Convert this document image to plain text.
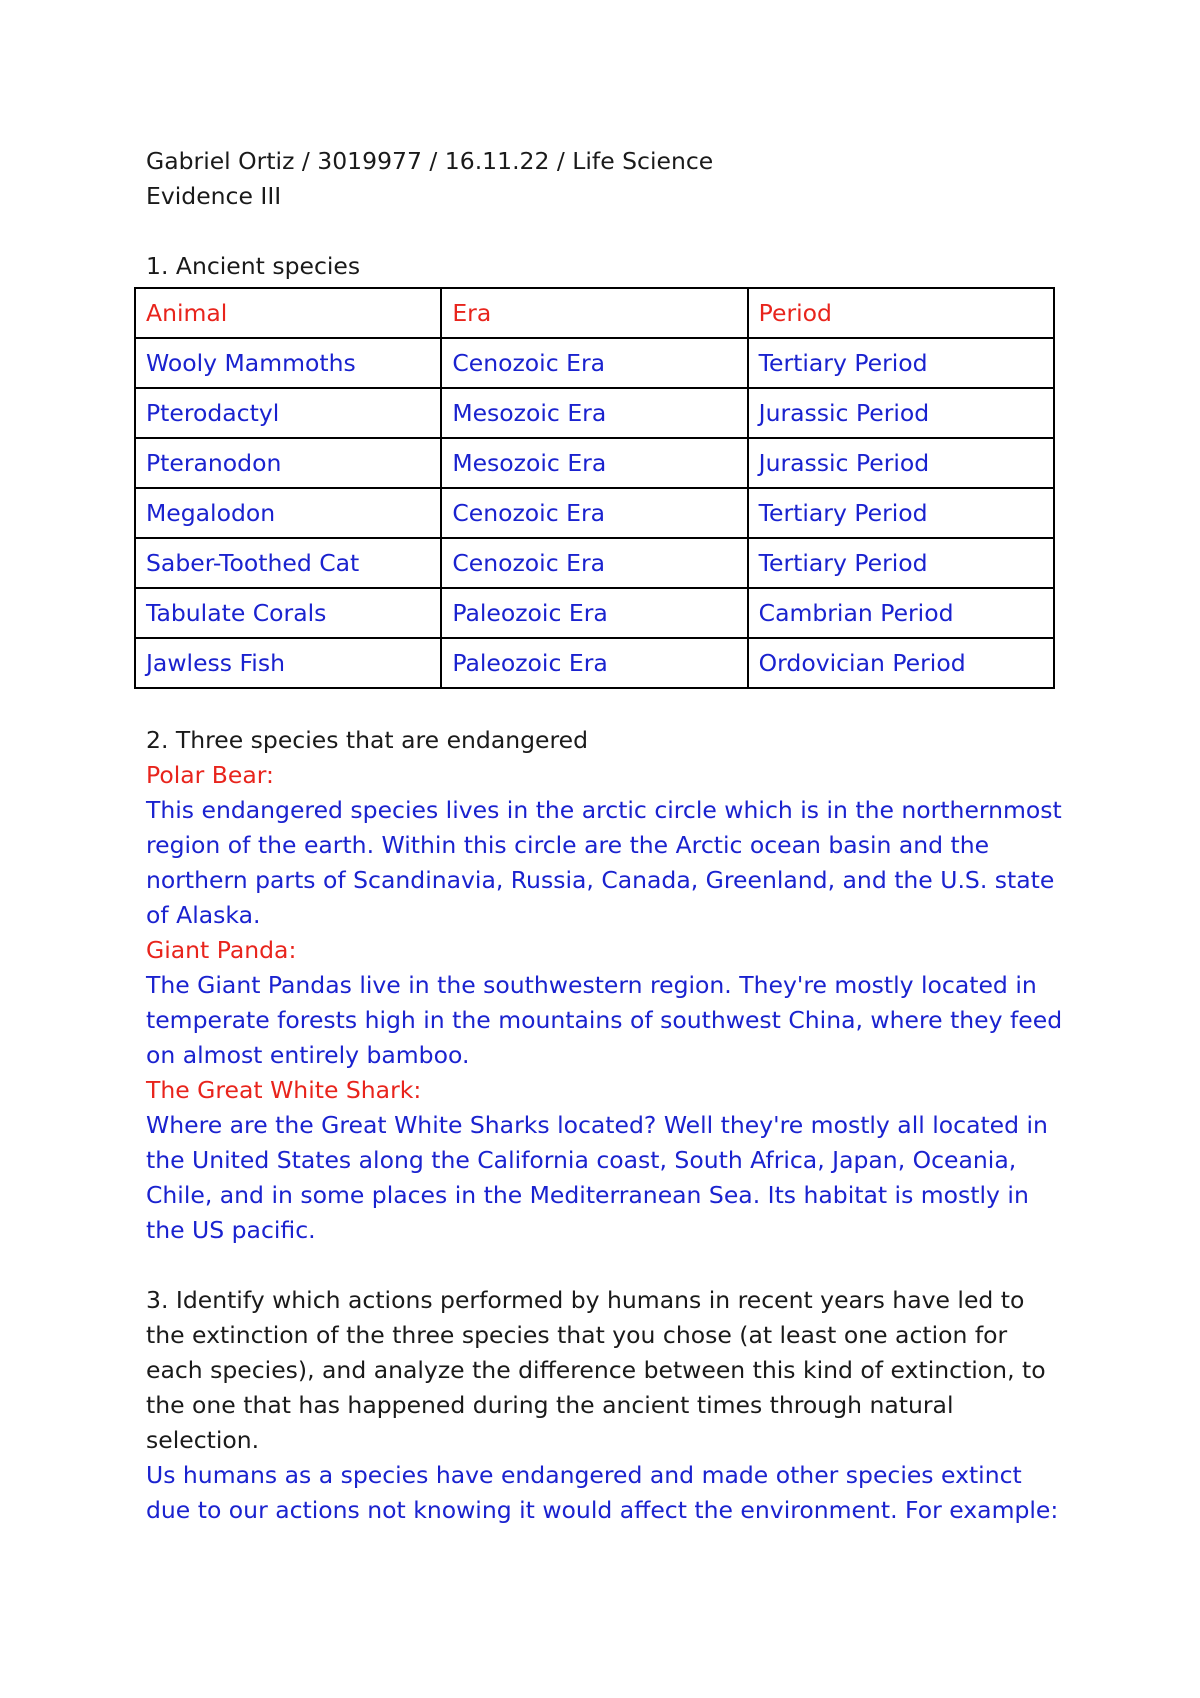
Gabriel Ortiz / 3019977 / 16.11.22 / Life Science
Evidence III
1. Ancient species
Animal	Era	Period
Wooly Mammoths	Cenozoic Era	Tertiary Period
Pterodactyl	Mesozoic Era	Jurassic Period
Pteranodon	Mesozoic Era	Jurassic Period
Megalodon	Cenozoic Era	Tertiary Period
Saber-Toothed Cat	Cenozoic Era	Tertiary Period
Tabulate Corals	Paleozoic Era	Cambrian Period
Jawless Fish	Paleozoic Era	Ordovician Period
2. Three species that are endangered
Polar Bear:
This endangered species lives in the arctic circle which is in the northernmost
region of the earth. Within this circle are the Arctic ocean basin and the
northern parts of Scandinavia, Russia, Canada, Greenland, and the U.S. state
of Alaska.
Giant Panda:
The Giant Pandas live in the southwestern region. They're mostly located in
temperate forests high in the mountains of southwest China, where they feed
on almost entirely bamboo.
The Great White Shark:
Where are the Great White Sharks located? Well they're mostly all located in
the United States along the California coast, South Africa, Japan, Oceania,
Chile, and in some places in the Mediterranean Sea. Its habitat is mostly in
the US pacific.
3. Identify which actions performed by humans in recent years have led to
the extinction of the three species that you chose (at least one action for
each species), and analyze the difference between this kind of extinction, to
the one that has happened during the ancient times through natural
selection.
Us humans as a species have endangered and made other species extinct
due to our actions not knowing it would affect the environment. For example:
